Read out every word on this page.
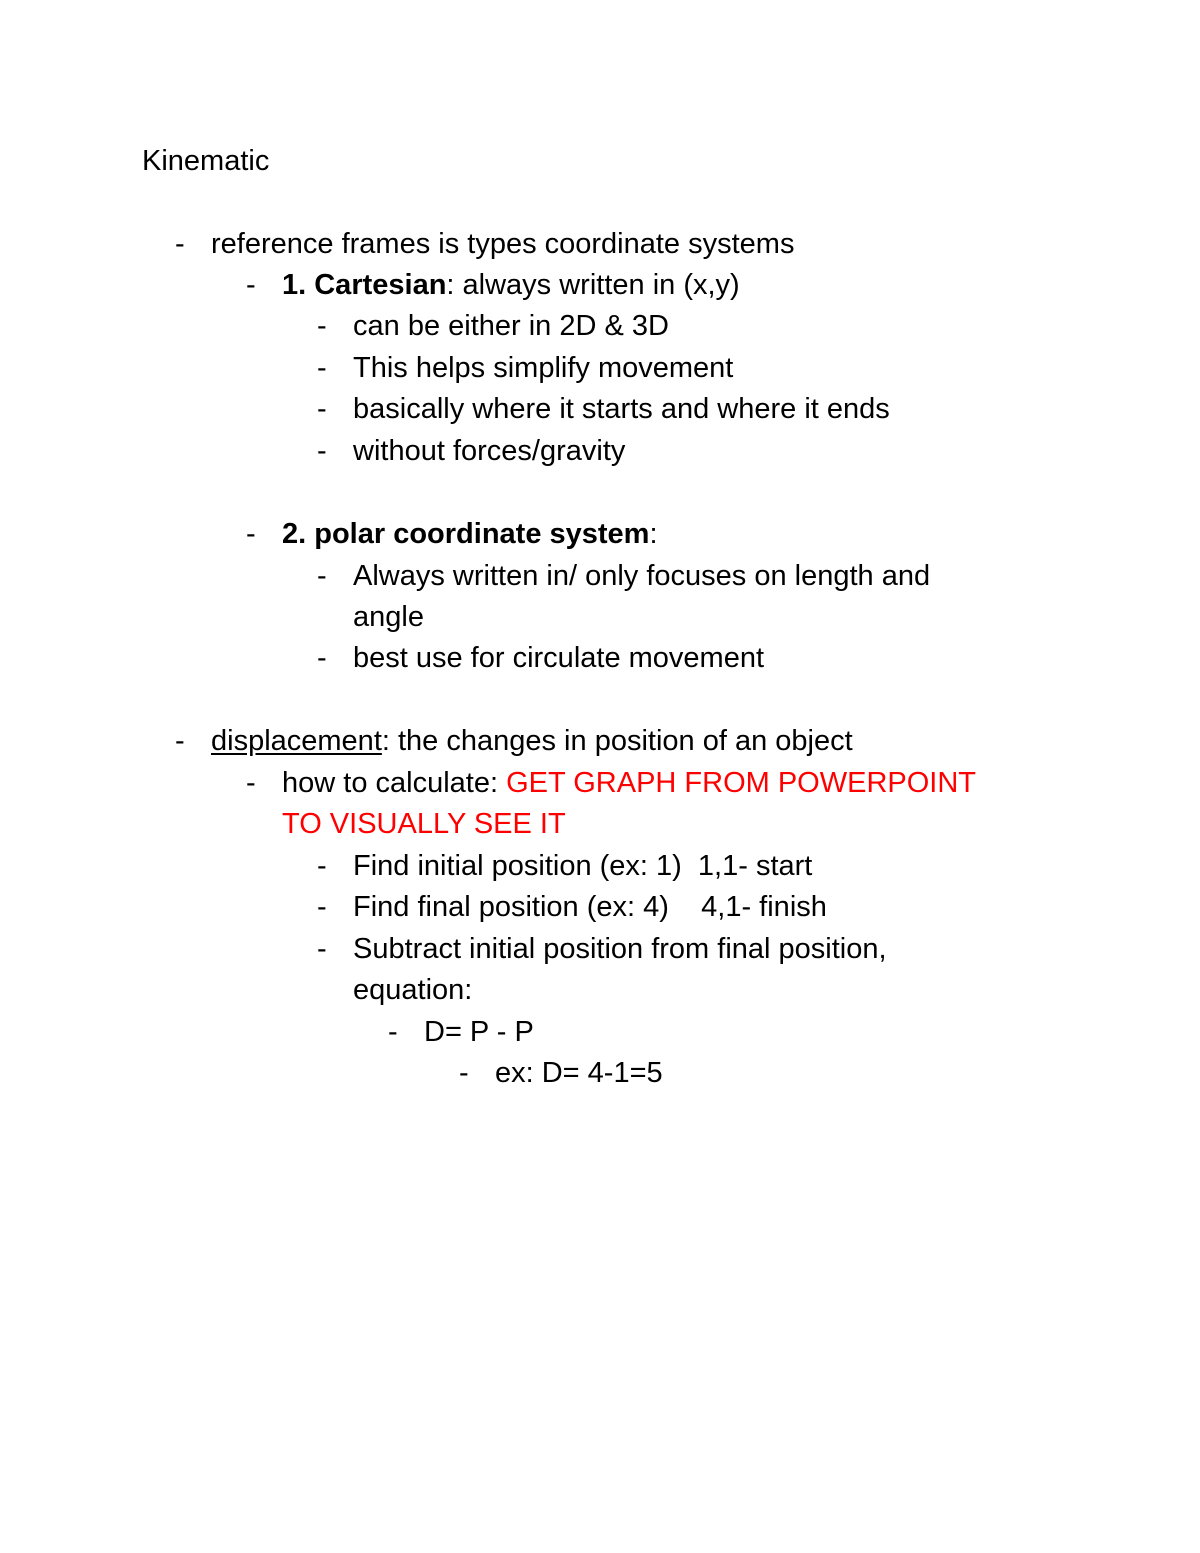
Kinematic
- reference frames is types coordinate systems
- 1. Cartesian: always written in (x,y)
- can be either in 2D & 3D
- This helps simplify movement
- basically where it starts and where it ends
- without forces/gravity
- 2. polar coordinate system:
- Always written in/ only focuses on length and
angle
- best use for circulate movement
- displacement: the changes in position of an object
- how to calculate: GET GRAPH FROM POWERPOINT
TO VISUALLY SEE IT
- Find initial position (ex: 1)  1,1- start
- Find final position (ex: 4)    4,1- finish
- Subtract initial position from final position,
equation:
- D= P - P
- ex: D= 4-1=5
